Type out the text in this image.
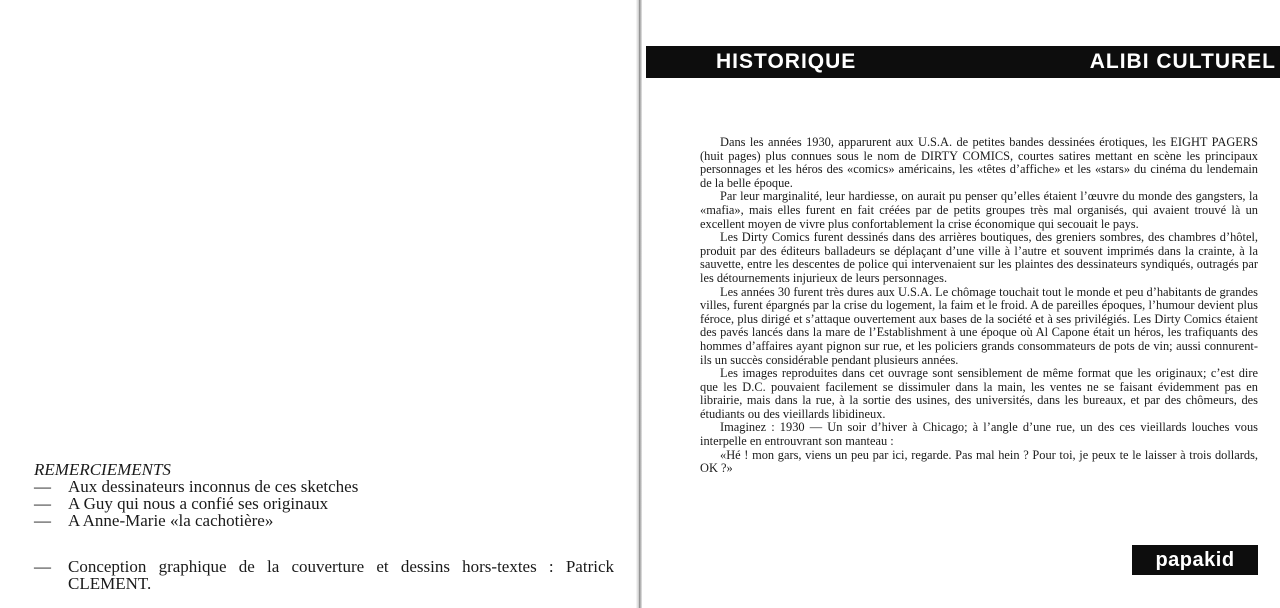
REMERCIEMENTS
— Aux dessinateurs inconnus de ces sketches
— A Guy qui nous a confié ses originaux
— A Anne-Marie «la cachotière»
— Conception graphique de la couverture et dessins hors-textes : Patrick CLEMENT.
HISTORIQUE	ALIBI CULTUREL

Dans les années 1930, apparurent aux U.S.A. de petites bandes dessinées érotiques, les EIGHT PAGERS (huit pages) plus connues sous le nom de DIRTY COMICS, courtes satires mettant en scène les principaux personnages et les héros des «comics» américains, les «têtes d’affiche» et les «stars» du cinéma du lendemain de la belle époque.

Par leur marginalité, leur hardiesse, on aurait pu penser qu’elles étaient l’œuvre du monde des gangsters, la «mafia», mais elles furent en fait créées par de petits groupes très mal organisés, qui avaient trouvé là un excellent moyen de vivre plus confortablement la crise économique qui secouait le pays.

Les Dirty Comics furent dessinés dans des arrières boutiques, des greniers sombres, des chambres d’hôtel, produit par des éditeurs balladeurs se déplaçant d’une ville à l’autre et souvent imprimés dans la crainte, à la sauvette, entre les descentes de police qui intervenaient sur les plaintes des dessinateurs syndiqués, outragés par les détournements injurieux de leurs personnages.

Les années 30 furent très dures aux U.S.A. Le chômage touchait tout le monde et peu d’habitants de grandes villes, furent épargnés par la crise du logement, la faim et le froid. A de pareilles époques, l’humour devient plus féroce, plus dirigé et s’attaque ouvertement aux bases de la société et à ses privilégiés. Les Dirty Comics étaient des pavés lancés dans la mare de l’Establishment à une époque où Al Capone était un héros, les trafiquants des hommes d’affaires ayant pignon sur rue, et les policiers grands consommateurs de pots de vin; aussi connurent-ils un succès considérable pendant plusieurs années.

Les images reproduites dans cet ouvrage sont sensiblement de même format que les originaux; c’est dire que les D.C. pouvaient facilement se dissimuler dans la main, les ventes ne se faisant évidemment pas en librairie, mais dans la rue, à la sortie des usines, des universités, dans les bureaux, et par des chômeurs, des étudiants ou des vieillards libidineux.

Imaginez : 1930 — Un soir d’hiver à Chicago; à l’angle d’une rue, un des ces vieillards louches vous interpelle en entrouvrant son manteau :

«Hé ! mon gars, viens un peu par ici, regarde. Pas mal hein ? Pour toi, je peux te le laisser à trois dollards, OK ?»

papakid
